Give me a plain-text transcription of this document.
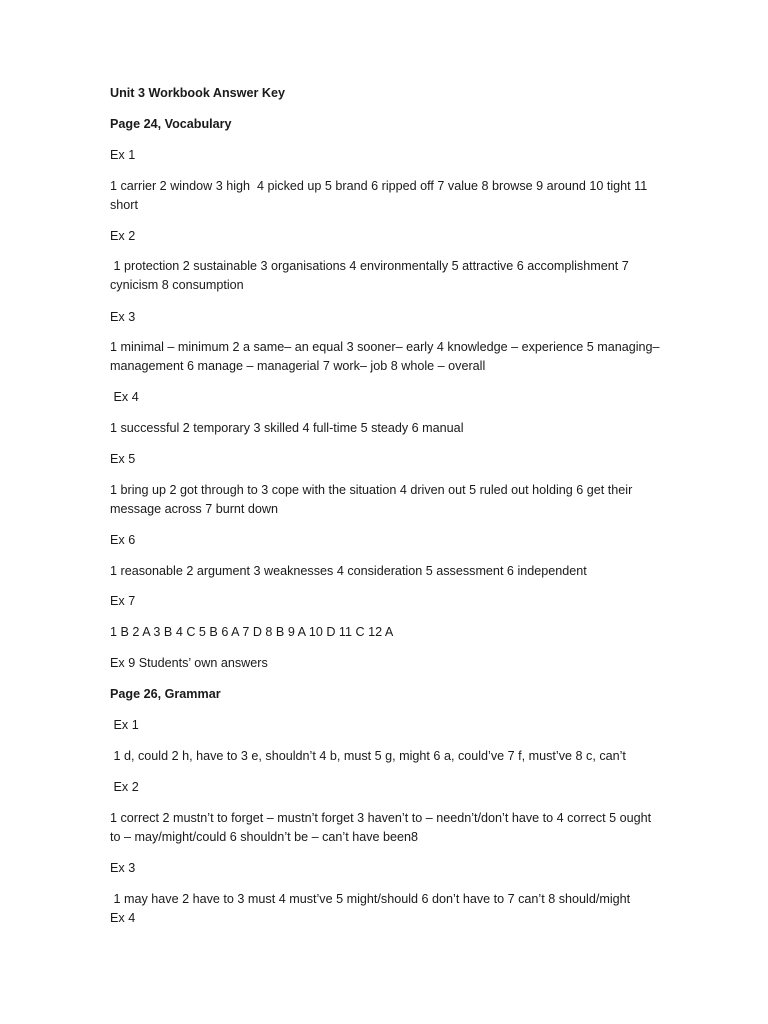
Unit 3 Workbook Answer Key

Page 24, Vocabulary

Ex 1

1 carrier 2 window 3 high  4 picked up 5 brand 6 ripped off 7 value 8 browse 9 around 10 tight 11 short

Ex 2

1 protection 2 sustainable 3 organisations 4 environmentally 5 attractive 6 accomplishment 7 cynicism 8 consumption

Ex 3

1 minimal – minimum 2 a same– an equal 3 sooner– early 4 knowledge – experience 5 managing– management 6 manage – managerial 7 work– job 8 whole – overall

Ex 4

1 successful 2 temporary 3 skilled 4 full-time 5 steady 6 manual

Ex 5

1 bring up 2 got through to 3 cope with the situation 4 driven out 5 ruled out holding 6 get their message across 7 burnt down

Ex 6

1 reasonable 2 argument 3 weaknesses 4 consideration 5 assessment 6 independent

Ex 7

1 B 2 A 3 B 4 C 5 B 6 A 7 D 8 B 9 A 10 D 11 C 12 A

Ex 9 Students’ own answers

Page 26, Grammar

Ex 1

1 d, could 2 h, have to 3 e, shouldn’t 4 b, must 5 g, might 6 a, could’ve 7 f, must’ve 8 c, can’t

Ex 2

1 correct 2 mustn’t to forget – mustn’t forget 3 haven’t to – needn’t/don’t have to 4 correct 5 ought to – may/might/could 6 shouldn’t be – can’t have been8

Ex 3

1 may have 2 have to 3 must 4 must’ve 5 might/should 6 don’t have to 7 can’t 8 should/might

Ex 4
